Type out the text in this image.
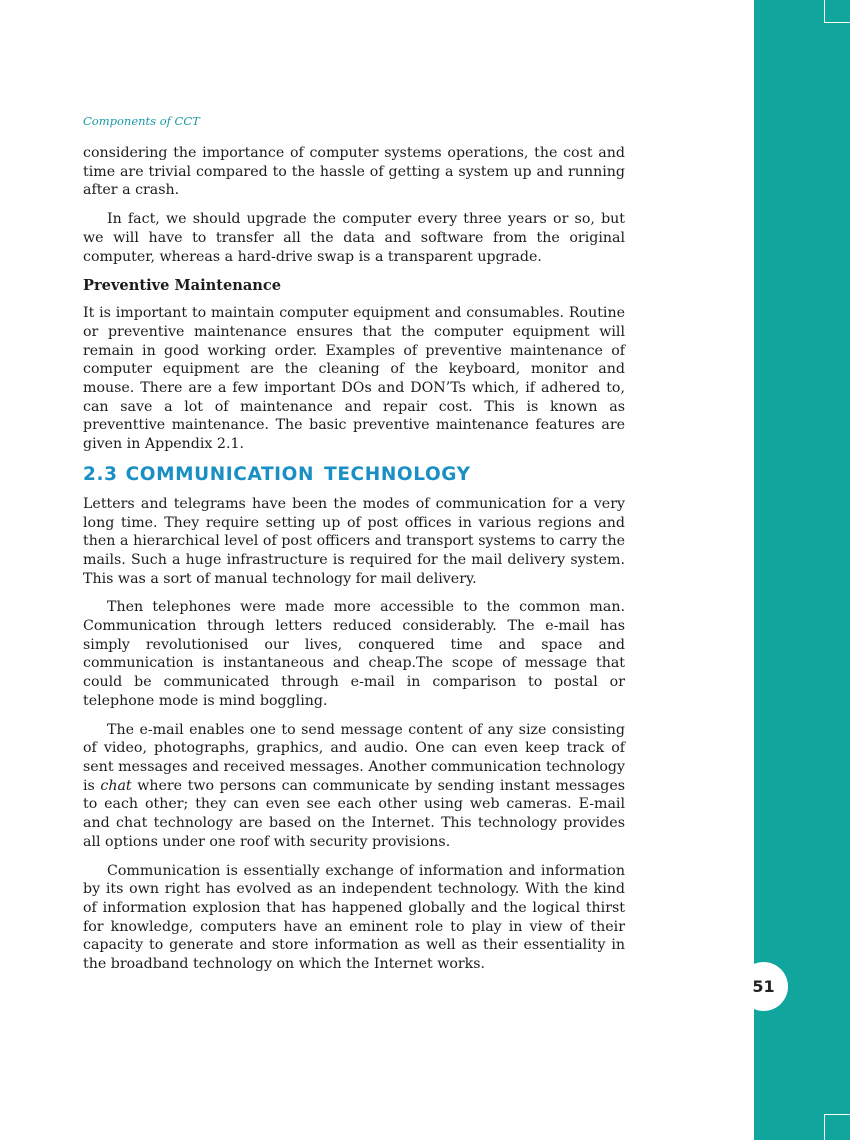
51
Components of CCT

considering the importance of computer systems operations, the cost and time are trivial compared to the hassle of getting a system up and running after a crash.

In fact, we should upgrade the computer every three years or so, but we will have to transfer all the data and software from the original computer, whereas a hard-drive swap is a transparent upgrade.

Preventive Maintenance

It is important to maintain computer equipment and consumables. Routine or preventive maintenance ensures that the computer equipment will remain in good working order. Examples of preventive maintenance of computer equipment are the cleaning of the keyboard, monitor and mouse. There are a few important DOs and DON’Ts which, if adhered to, can save a lot of maintenance and repair cost. This is known as preventtive maintenance. The basic preventive maintenance features are given in Appendix 2.1.

2.3 COMMUNICATION TECHNOLOGY

Letters and telegrams have been the modes of communication for a very long time. They require setting up of post offices in various regions and then a hierarchical level of post officers and transport systems to carry the mails. Such a huge infrastructure is required for the mail delivery system. This was a sort of manual technology for mail delivery.

Then telephones were made more accessible to the common man. Communication through letters reduced considerably. The e-mail has simply revolutionised our lives, conquered time and space and communication is instantaneous and cheap.The scope of message that could be communicated through e-mail in comparison to postal or telephone mode is mind boggling.

The e-mail enables one to send message content of any size consisting of video, photographs, graphics, and audio. One can even keep track of sent messages and received messages. Another communication technology is chat where two persons can communicate by sending instant messages to each other; they can even see each other using web cameras. E-mail and chat technology are based on the Internet. This technology provides all options under one roof with security provisions.

Communication is essentially exchange of information and information by its own right has evolved as an independent technology. With the kind of information explosion that has happened globally and the logical thirst for knowledge, computers have an eminent role to play in view of their capacity to generate and store information as well as their essentiality in the broadband technology on which the Internet works.
